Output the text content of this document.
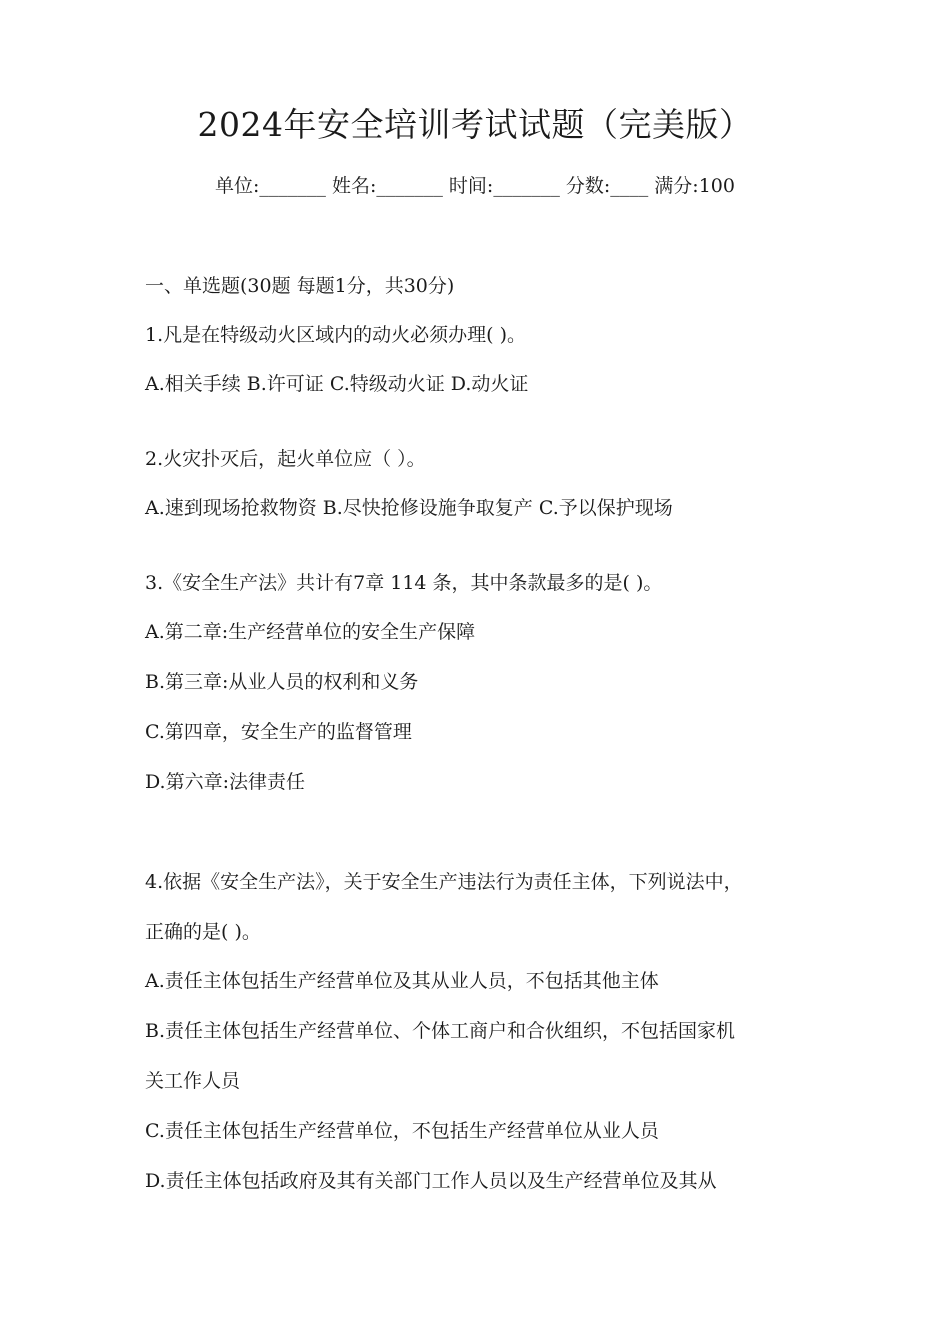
2024年安全培训考试试题（完美版）
单位:_______ 姓名:_______ 时间:_______ 分数:____ 满分:100
一、单选题(30题 每题1分，共30分)
1.凡是在特级动火区域内的动火必须办理( )。
A.相关手续 B.许可证 C.特级动火证 D.动火证
2.火灾扑灭后，起火单位应（ ）。
A.速到现场抢救物资 B.尽快抢修设施争取复产 C.予以保护现场
3.《安全生产法》共计有7章 114 条，其中条款最多的是( )。
A.第二章:生产经营单位的安全生产保障
B.第三章:从业人员的权利和义务
C.第四章，安全生产的监督管理
D.第六章:法律责任
4.依据《安全生产法》，关于安全生产违法行为责任主体，下列说法中，
正确的是( )。
A.责任主体包括生产经营单位及其从业人员，不包括其他主体
B.责任主体包括生产经营单位、个体工商户和合伙组织，不包括国家机
关工作人员
C.责任主体包括生产经营单位，不包括生产经营单位从业人员
D.责任主体包括政府及其有关部门工作人员以及生产经营单位及其从
